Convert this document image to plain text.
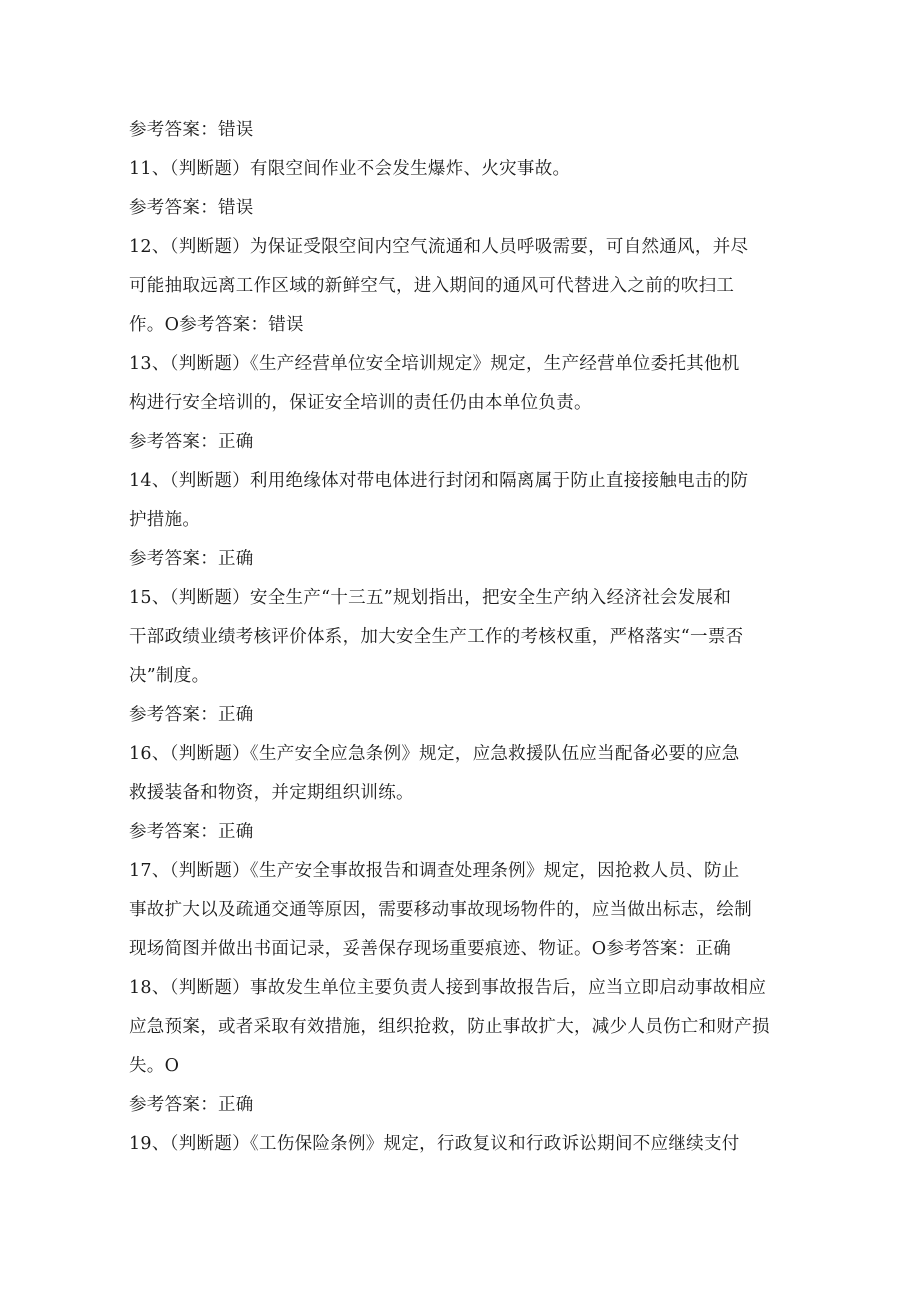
参考答案：错误
11、（判断题）有限空间作业不会发生爆炸、火灾事故。
参考答案：错误
12、（判断题）为保证受限空间内空气流通和人员呼吸需要，可自然通风，并尽
可能抽取远离工作区域的新鲜空气，进入期间的通风可代替进入之前的吹扫工
作。O参考答案：错误
13、（判断题）《生产经营单位安全培训规定》规定，生产经营单位委托其他机
构进行安全培训的，保证安全培训的责任仍由本单位负责。
参考答案：正确
14、（判断题）利用绝缘体对带电体进行封闭和隔离属于防止直接接触电击的防
护措施。
参考答案：正确
15、（判断题）安全生产“十三五”规划指出，把安全生产纳入经济社会发展和
干部政绩业绩考核评价体系，加大安全生产工作的考核权重，严格落实“一票否
决”制度。
参考答案：正确
16、（判断题）《生产安全应急条例》规定，应急救援队伍应当配备必要的应急
救援装备和物资，并定期组织训练。
参考答案：正确
17、（判断题）《生产安全事故报告和调查处理条例》规定，因抢救人员、防止
事故扩大以及疏通交通等原因，需要移动事故现场物件的，应当做出标志，绘制
现场简图并做出书面记录，妥善保存现场重要痕迹、物证。O参考答案：正确
18、（判断题）事故发生单位主要负责人接到事故报告后，应当立即启动事故相应
应急预案，或者采取有效措施，组织抢救，防止事故扩大，减少人员伤亡和财产损
失。O
参考答案：正确
19、（判断题）《工伤保险条例》规定，行政复议和行政诉讼期间不应继续支付
